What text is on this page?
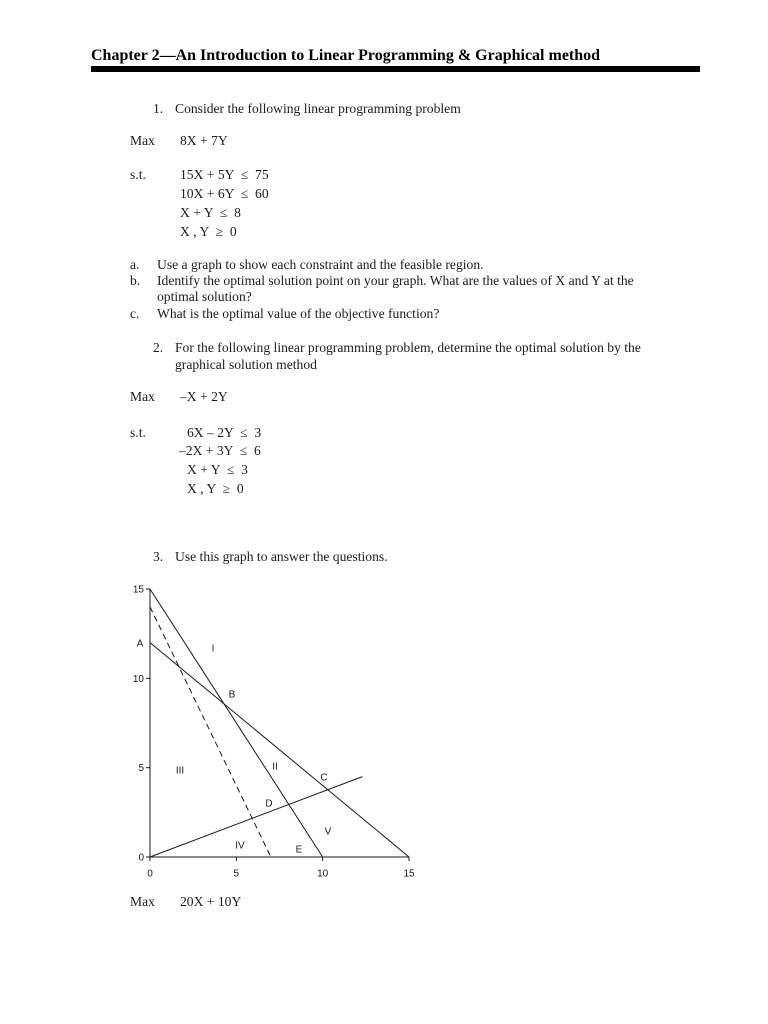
Chapter 2—An Introduction to Linear Programming & Graphical method
1. Consider the following linear programming problem
Max 8X + 7Y
s.t.	15X + 5Y  ≤  75
10X + 6Y  ≤  60
X + Y  ≤  8
X , Y  ≥  0
a. Use a graph to show each constraint and the feasible region.
b. Identify the optimal solution point on your graph. What are the values of X and Y at the
optimal solution?
c. What is the optimal value of the objective function?
2. For the following linear programming problem, determine the optimal solution by the
graphical solution method
Max –X + 2Y
s.t.	6X – 2Y  ≤  3
–2X + 3Y  ≤  6
X + Y  ≤  3
X , Y  ≥  0
3. Use this graph to answer the questions.
0	5	10	15
0
5
10
15
A
B
C
D
E
I
II
III
IV
V
Max 20X + 10Y
